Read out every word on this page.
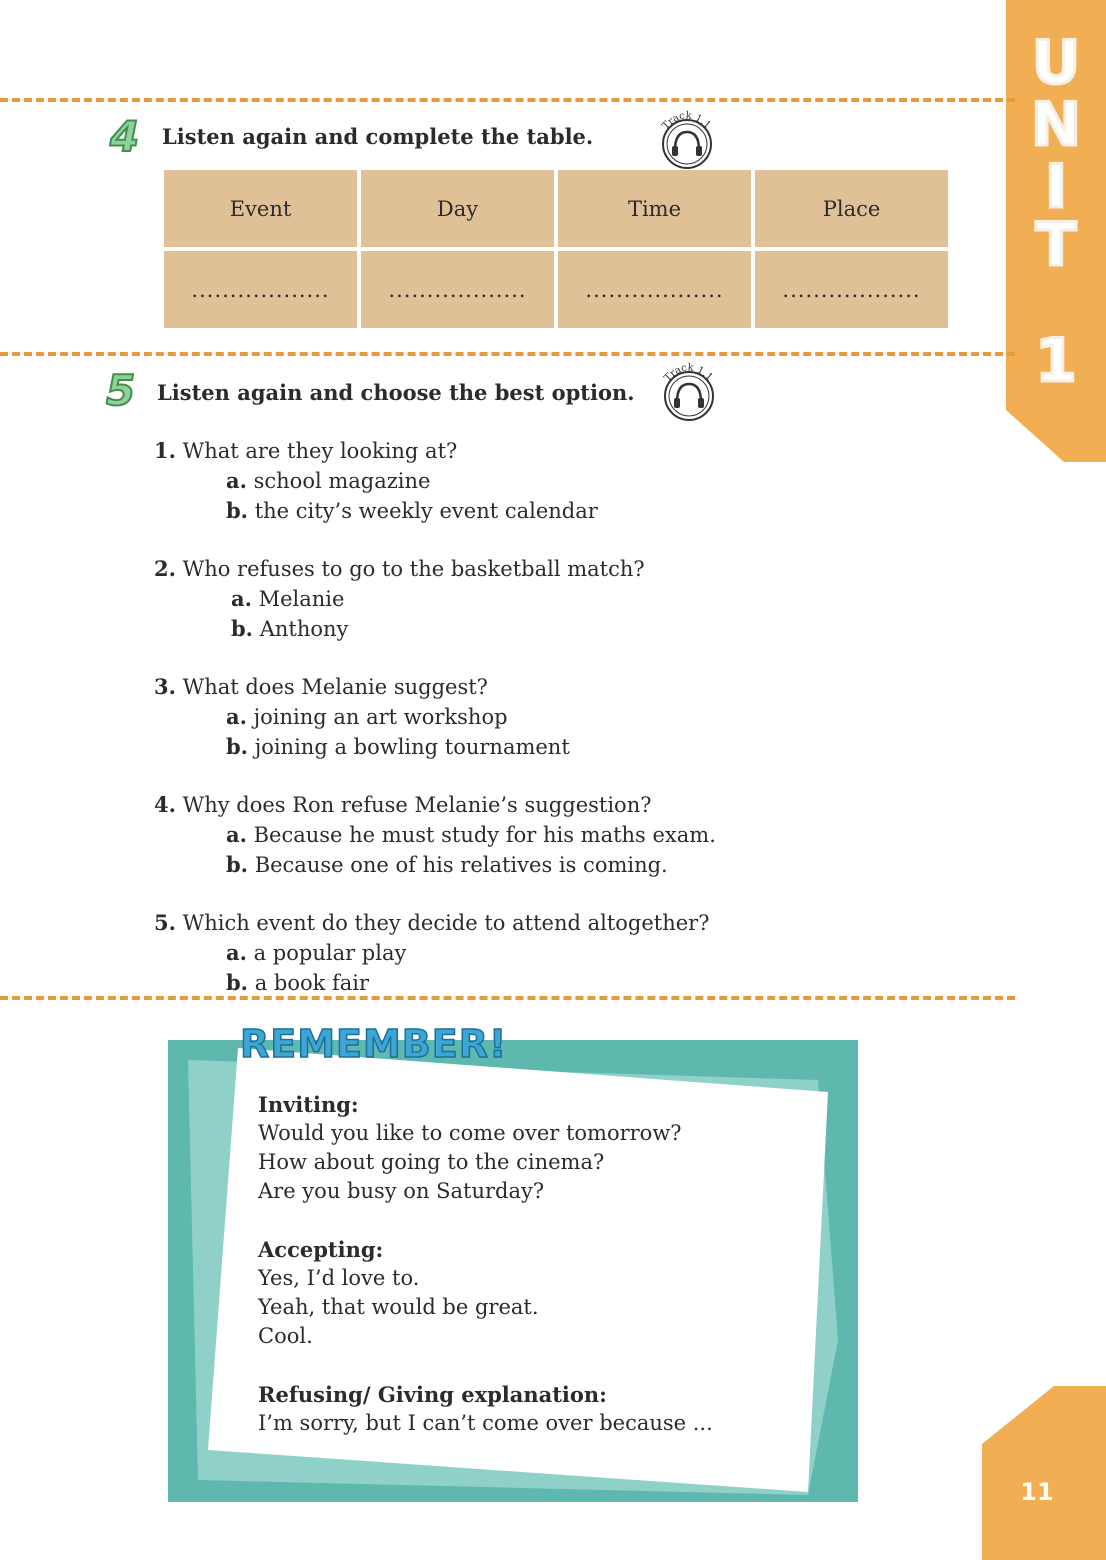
U
N
I
T
1
4 Listen again and complete the table.	Track 1.1
Event	Day	Time	Place
..................	..................	..................	..................
5 Listen again and choose the best option.
Track 1.1
1. What are they looking at?
a. school magazine
b. the city’s weekly event calendar
2. Who refuses to go to the basketball match?
a. Melanie
b. Anthony
3. What does Melanie suggest?
a. joining an art workshop
b. joining a bowling tournament
4. Why does Ron refuse Melanie’s suggestion?
a. Because he must study for his maths exam.
b. Because one of his relatives is coming.
5. Which event do they decide to attend altogether?
a. a popular play
b. a book fair
REMEMBER!
Inviting:
Would you like to come over tomorrow?
How about going to the cinema?
Are you busy on Saturday?
Accepting:
Yes, I’d love to.
Yeah, that would be great.
Cool.
Refusing/ Giving explanation:
I’m sorry, but I can’t come over because ...
11
